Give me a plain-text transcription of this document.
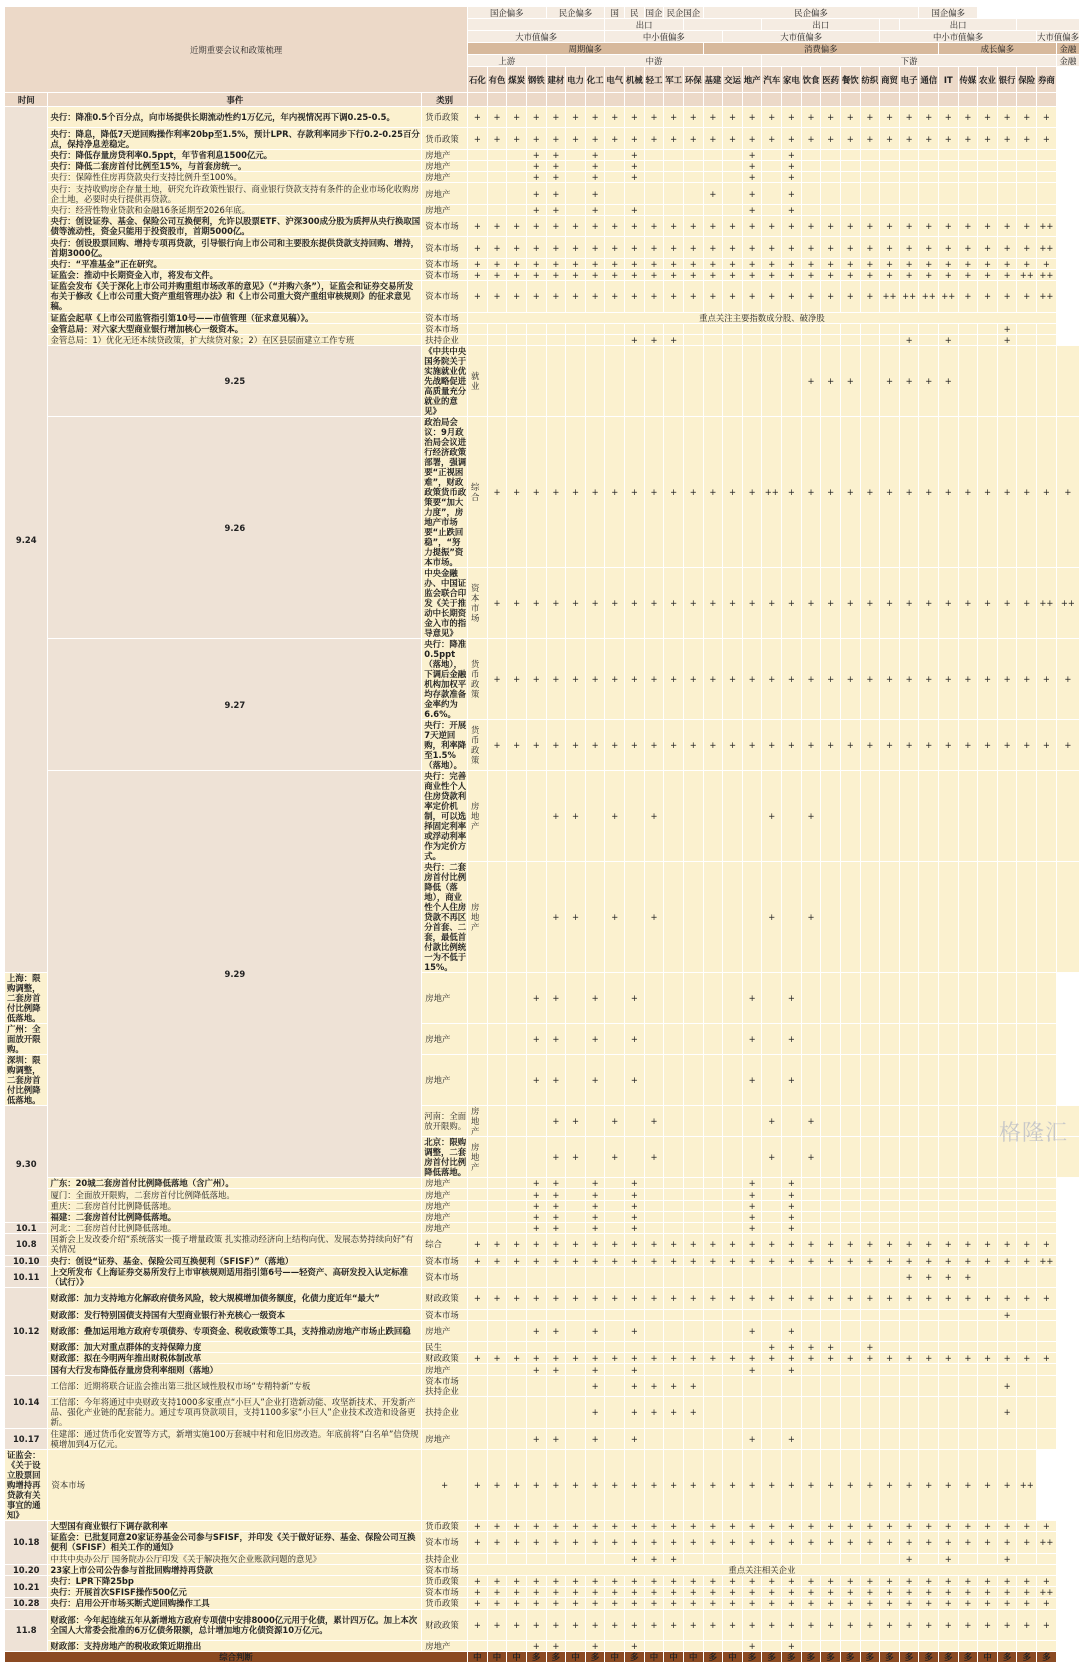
近期重要会议和政策梳理			国企偏多				民企偏多			国	民	国企	民企国企		民企偏多											国企偏多							
										出口								出口							出口								
			大市值偏多							中小值偏多						大市值偏多								中小市值偏多								大市值偏多	
			周期偏多												消费偏多												成长偏多						金融
			上游				中游											下游															金融
			石化	有色	煤炭	钢铁	建材	电力	化工	电气	机械	轻工	军工	环保	基建	交运	地产	汽车	家电	饮食	医药	餐饮	纺织	商贸	电子	通信	IT	传媒	农业	银行	保险	券商	
时间	事件	类别																															
9.24	央行：降准0.5个百分点，向市场提供长期流动性约1万亿元，年内视情况再下调0.25-0.5。	货币政策	+	+	+	+	+	+	+	+	+	+	+	+	+	+	+	+	+	+	+	+	+	+	+	+	+	+	+	+	+	+	
	央行：降息，降低7天逆回购操作利率20bp至1.5%，预计LPR、存款利率同步下行0.2-0.25百分点，保持净息差稳定。	货币政策	+	+	+	+	+	+	+	+	+	+	+	+	+	+	+	+	+	+	+	+	+	+	+	+	+	+	+	+	+	+	
	央行：降低存量房贷利率0.5ppt，年节省利息1500亿元。	房地产				+	+		+		+						+		+														
	央行：降低二套房首付比例至15%，与首套房统一。	房地产				+	+		+		+						+		+														
	央行：保障性住房再贷款央行支持比例升至100%。	房地产				+	+		+		+						+		+														
	央行：支持收购房企存量土地，研究允许政策性银行、商业银行贷款支持有条件的企业市场化收购房企土地，必要时央行提供再贷款。	房地产				+	+		+						+		+		+														
	央行：经营性物业贷款和金融16条延期至2026年底。	房地产				+	+		+		+						+		+														
	央行：创设证券、基金、保险公司互换便利，允许以股票ETF、沪深300成分股为质押从央行换取国债等流动性，资金只能用于投资股市，首期5000亿。	资本市场	+	+	+	+	+	+	+	+	+	+	+	+	+	+	+	+	+	+	+	+	+	+	+	+	+	+	+	+	+	++	
	央行：创设股票回购、增持专项再贷款，引导银行向上市公司和主要股东提供贷款支持回购、增持，首期3000亿。	资本市场	+	+	+	+	+	+	+	+	+	+	+	+	+	+	+	+	+	+	+	+	+	+	+	+	+	+	+	+	+	++	
	央行：“平准基金”正在研究。	资本市场	+	+	+	+	+	+	+	+	+	+	+	+	+	+	+	+	+	+	+	+	+	+	+	+	+	+	+	+	+	+	
	证监会：推动中长期资金入市，将发布文件。	资本市场	+	+	+	+	+	+	+	+	+	+	+	+	+	+	+	+	+	+	+	+	+	+	+	+	+	+	+	+	++	++	
	证监会发布《关于深化上市公司并购重组市场改革的意见》（“并购六条”），证监会和证券交易所发布关于修改《上市公司重大资产重组管理办法》和《上市公司重大资产重组审核规则》的征求意见稿。	资本市场	+	+	+	+	+	+	+	+	+	+	+	+	+	+	+	+	+	+	+	+	+	++	++	++	++	+	+	+	+	++	
	证监会起草《上市公司监管指引第10号——市值管理（征求意见稿）》。	资本市场	重点关注主要指数成分股、破净股																														
	金管总局：对六家大型商业银行增加核心一级资本。	资本市场																												+			
	金管总局：1）优化无还本续贷政策，扩大续贷对象；2）在区县层面建立工作专班	扶持企业									+	+	+												+		+			+			
	9.25	《中共中央 国务院关于实施就业优先战略促进高质量充分就业的意见》	就业																	+	+	+		+	+	+	+						
	9.26	政治局会议：9月政治局会议进行经济政策部署，强调要“正视困难”，财政政策货币政策要“加大力度”，房地产市场要“止跌回稳”，“努力提振”资本市场。	综合	+	+	+	+	+	+	+	+	+	+	+	+	+	+	++	+	+	+	+	+	+	+	+	+	+	+	+	+	+	+
		中央金融办、中国证监会联合印发《关于推动中长期资金入市的指导意见》	资本市场	+	+	+	+	+	+	+	+	+	+	+	+	+	+	+	+	+	+	+	+	+	+	+	+	+	+	+	+	++	++
	9.27	央行：降准0.5ppt（落地），下调后金融机构加权平均存款准备金率约为6.6%。	货币政策	+	+	+	+	+	+	+	+	+	+	+	+	+	+	+	+	+	+	+	+	+	+	+	+	+	+	+	+	+	+
		央行：开展7天逆回购，利率降至1.5%（落地）。	货币政策	+	+	+	+	+	+	+	+	+	+	+	+	+	+	+	+	+	+	+	+	+	+	+	+	+	+	+	+	+	+
	9.29	央行：完善商业性个人住房贷款利率定价机制，可以选择固定利率或浮动利率作为定价方式。	房地产				+	+		+		+						+		+													
		央行：二套房首付比例降低（落地），商业性个人住房贷款不再区分首套、二套，最低首付款比例统一为不低于15%。	房地产				+	+		+		+						+		+													
上海：限购调整，二套房首付比例降低落地。		房地产				+	+		+		+						+		+														
广州：全面放开限购。		房地产				+	+		+		+						+		+														
深圳：限购调整，二套房首付比例降低落地。		房地产				+	+		+		+						+		+														
9.30		河南：全面放开限购。	房地产				+	+		+		+						+		+													
		北京：限购调整，二套房首付比例降低落地。	房地产				+	+		+		+						+		+													
	广东：20城二套房首付比例降低落地（含广州）。	房地产				+	+		+		+						+		+														
	厦门：全面放开限购，二套房首付比例降低落地。	房地产				+	+		+		+						+		+														
	重庆：二套房首付比例降低落地。	房地产				+	+		+		+						+		+														
	福建：二套房首付比例降低落地。	房地产				+	+		+		+						+		+														
10.1	河北：二套房首付比例降低落地。	房地产				+	+		+		+						+		+														
10.8	国新会上发改委介绍“系统落实一揽子增量政策 扎实推动经济向上结构向优、发展态势持续向好”有关情况	综合	+	+	+	+	+	+	+	+	+	+	+	+	+	+	+	+	+	+	+	+	+	+	+	+	+	+	+	+	+	+	
10.10	央行：创设“证券、基金、保险公司互换便利（SFISF）”（落地）	资本市场	+	+	+	+	+	+	+	+	+	+	+	+	+	+	+	+	+	+	+	+	+	+	+	+	+	+	+	+	+	++	
10.11	上交所发布《上海证券交易所发行上市审核规则适用指引第6号——轻资产、高研发投入认定标准（试行）》	资本市场																							+	+	+	+					
10.12	财政部：加力支持地方化解政府债务风险，较大规模增加债务额度，化债力度近年“最大”	财政政策	+	+	+	+	+	+	+	+	+	+	+	+	+	+	+	+	+	+	+	+	+	+	+	+	+	+	+	+	+	+	
	财政部：发行特别国债支持国有大型商业银行补充核心一级资本	资本市场																												+			
	财政部：叠加运用地方政府专项债券、专项资金、税收政策等工具，支持推动房地产市场止跌回稳	房地产				+	+		+		+						+		+														
	财政部：加大对重点群体的支持保障力度	民生																+	+	+	+		+										
	财政部：拟在今明两年推出财税体制改革	财政政策	+	+	+	+	+	+	+	+	+	+	+	+	+	+	+	+	+	+	+	+	+	+	+	+	+	+	+	+	+	+	
	国有大行发布降低存量房贷利率细则（落地）	房地产				+	+		+		+						+		+														
10.14	工信部：近期将联合证监会推出第三批区域性股权市场“专精特新”专板	资本市场 扶持企业							+		+	+	+	+																+			
	工信部：今年将通过中央财政支持1000多家重点“小巨人”企业打造新动能、攻坚新技术、开发新产品、强化产业链的配套能力。通过专项再贷款项目，支持1100多家“小巨人”企业技术改造和设备更新。	扶持企业							+		+	+	+	+																+			
10.17	住建部：通过货币化安置等方式，新增实施100万套城中村和危旧房改造。年底前将“白名单”信贷规模增加到4万亿元。	房地产				+	+		+		+						+		+														
证监会：《关于设立股票回购增持再贷款有关事宜的通知》	资本市场	+	+	+	+	+	+	+	+	+	+	+	+	+	+	+	+	+	+	+	+	+	+	+	+	+	+	+	+	+	++		
10.18	大型国有商业银行下调存款利率	货币政策	+	+	+	+	+	+	+	+	+	+	+	+	+	+	+	+	+	+	+	+	+	+	+	+	+	+	+	+	+	+	
	证监会：已批复同意20家证券基金公司参与SFISF，并印发《关于做好证券、基金、保险公司互换便利（SFISF）相关工作的通知》	资本市场	+	+	+	+	+	+	+	+	+	+	+	+	+	+	+	+	+	+	+	+	+	+	+	+	+	+	+	+	+	++	
	中共中央办公厅 国务院办公厅印发《关于解决拖欠企业账款问题的意见》	扶持企业									+	+	+												+		+			+			
10.20	23家上市公司公告参与首批回购增持再贷款	资本市场	重点关注相关企业																														
10.21	央行：LPR下降25bp	货币政策	+	+	+	+	+	+	+	+	+	+	+	+	+	+	+	+	+	+	+	+	+	+	+	+	+	+	+	+	+	+	
	央行：开展首次SFISF操作500亿元	资本市场	+	+	+	+	+	+	+	+	+	+	+	+	+	+	+	+	+	+	+	+	+	+	+	+	+	+	+	+	+	++	
10.28	央行：启用公开市场买断式逆回购操作工具	货币政策	+	+	+	+	+	+	+	+	+	+	+	+	+	+	+	+	+	+	+	+	+	+	+	+	+	+	+	+	+	+	
11.8	财政部：今年起连续五年从新增地方政府专项债中安排8000亿元用于化债，累计四万亿。加上本次全国人大常委会批准的6万亿债务限额，总计增加地方化债资源10万亿元。	财政政策	+	+	+	+	+	+	+	+	+	+	+	+	+	+	+	+	+	+	+	+	+	+	+	+	+	+	+	+	+	+	
	财政部：支持房地产的税收政策近期推出	房地产				+	+		+		+						+		+														
综合判断			中	中	中	多	多	中	多	中	多	中	中	中	多	中	多	多	多	多	多	多	多	多	多	多	多	多	中	多	多	多	
格隆汇
